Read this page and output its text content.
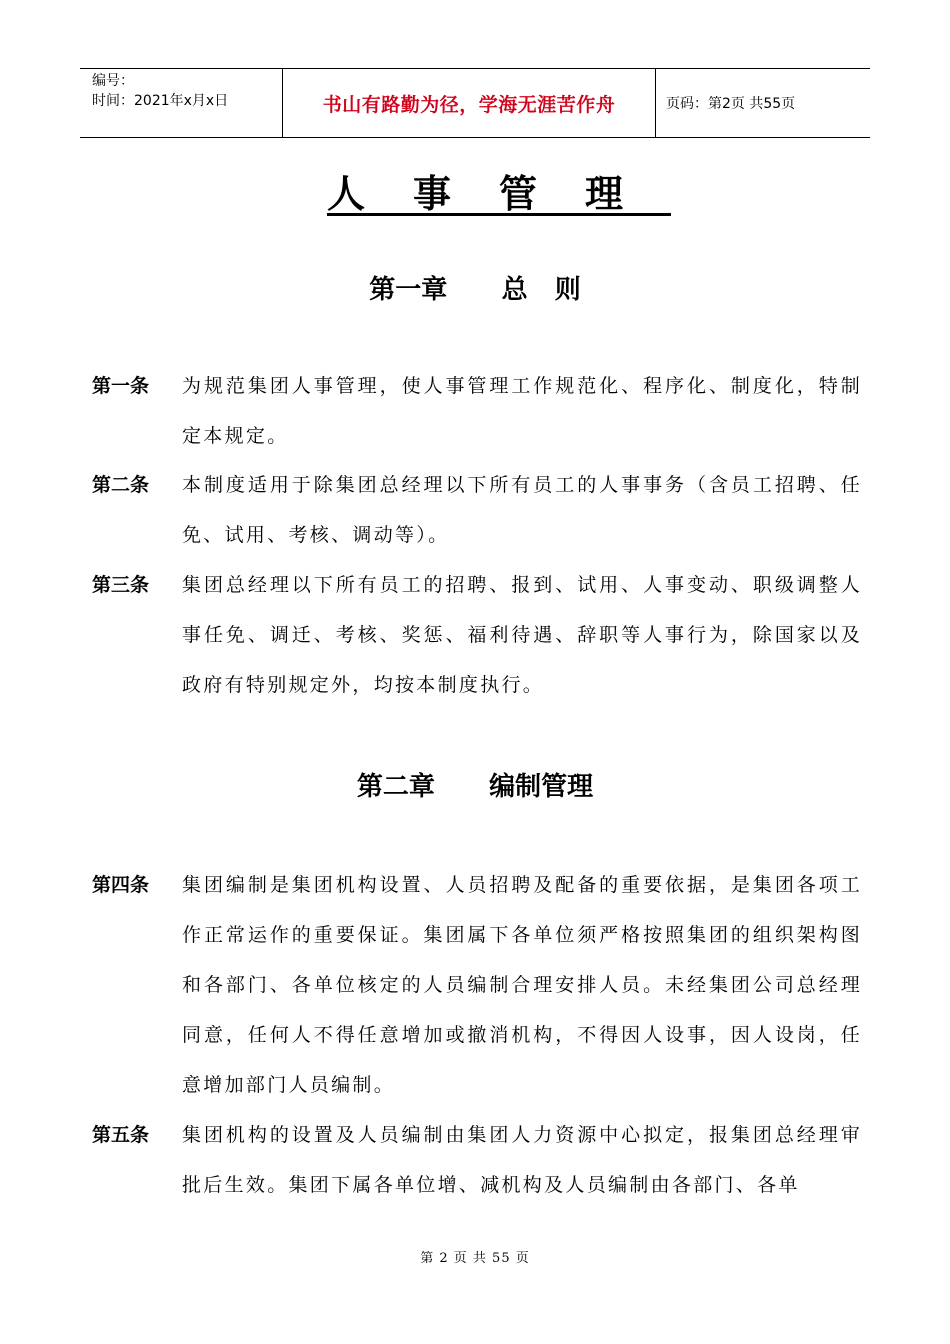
编号：
时间：2021年x月x日	书山有路勤为径，学海无涯苦作舟	页码：第2页 共55页
人事管理
第一章      总   则
第一条	为规范集团人事管理，使人事管理工作规范化、程序化、制度化，特制定本规定。
第二条	本制度适用于除集团总经理以下所有员工的人事事务（含员工招聘、任免、试用、考核、调动等）。
第三条	集团总经理以下所有员工的招聘、报到、试用、人事变动、职级调整人事任免、调迁、考核、奖惩、福利待遇、辞职等人事行为，除国家以及政府有特别规定外，均按本制度执行。
第二章      编制管理
第四条	集团编制是集团机构设置、人员招聘及配备的重要依据，是集团各项工作正常运作的重要保证。集团属下各单位须严格按照集团的组织架构图和各部门、各单位核定的人员编制合理安排人员。未经集团公司总经理同意，任何人不得任意增加或撤消机构，不得因人设事，因人设岗，任意增加部门人员编制。
第五条	集团机构的设置及人员编制由集团人力资源中心拟定，报集团总经理审批后生效。集团下属各单位增、减机构及人员编制由各部门、各单
第 2 页 共 55 页
